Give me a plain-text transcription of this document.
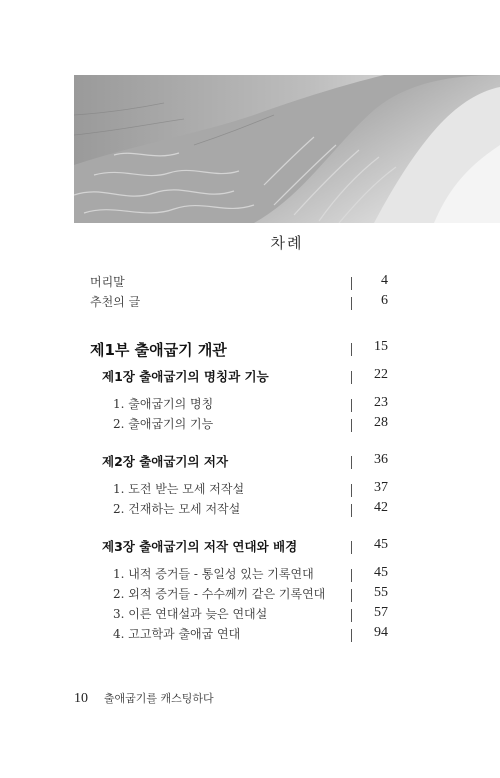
차례
머리말	4
추천의 글	6
제1부 출애굽기 개관	15
제1장 출애굽기의 명칭과 기능	22
1. 출애굽기의 명칭	23
2. 출애굽기의 기능	28
제2장 출애굽기의 저자	36
1. 도전 받는 모세 저작설	37
2. 건재하는 모세 저작설	42
제3장 출애굽기의 저작 연대와 배경	45
1. 내적 증거들 - 통일성 있는 기록연대	45
2. 외적 증거들 - 수수께끼 같은 기록연대	55
3. 이른 연대설과 늦은 연대설	57
4. 고고학과 출애굽 연대	94
10 출애굽기를 캐스팅하다
